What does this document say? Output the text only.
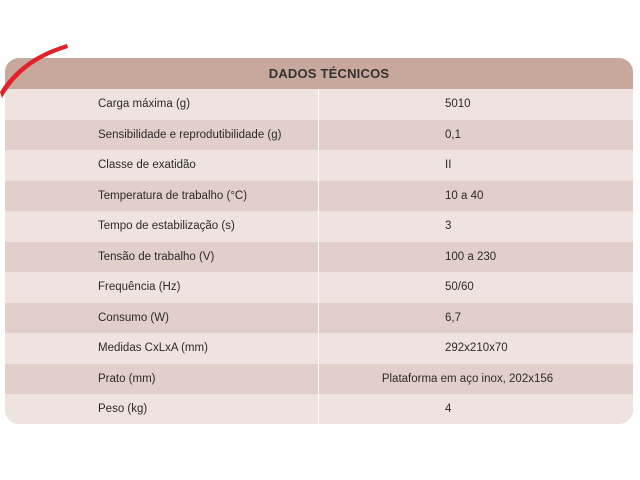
DADOS TÉCNICOS
Carga máxima (g)	5010
Sensibilidade e reprodutibilidade (g)	0,1
Classe de exatidão	II
Temperatura de trabalho (°C)	10 a 40
Tempo de estabilização (s)	3
Tensão de trabalho (V)	100 a 230
Frequência (Hz)	50/60
Consumo (W)	6,7
Medidas CxLxA (mm)	292x210x70
Prato (mm)	Plataforma em aço inox, 202x156
Peso (kg)	4
